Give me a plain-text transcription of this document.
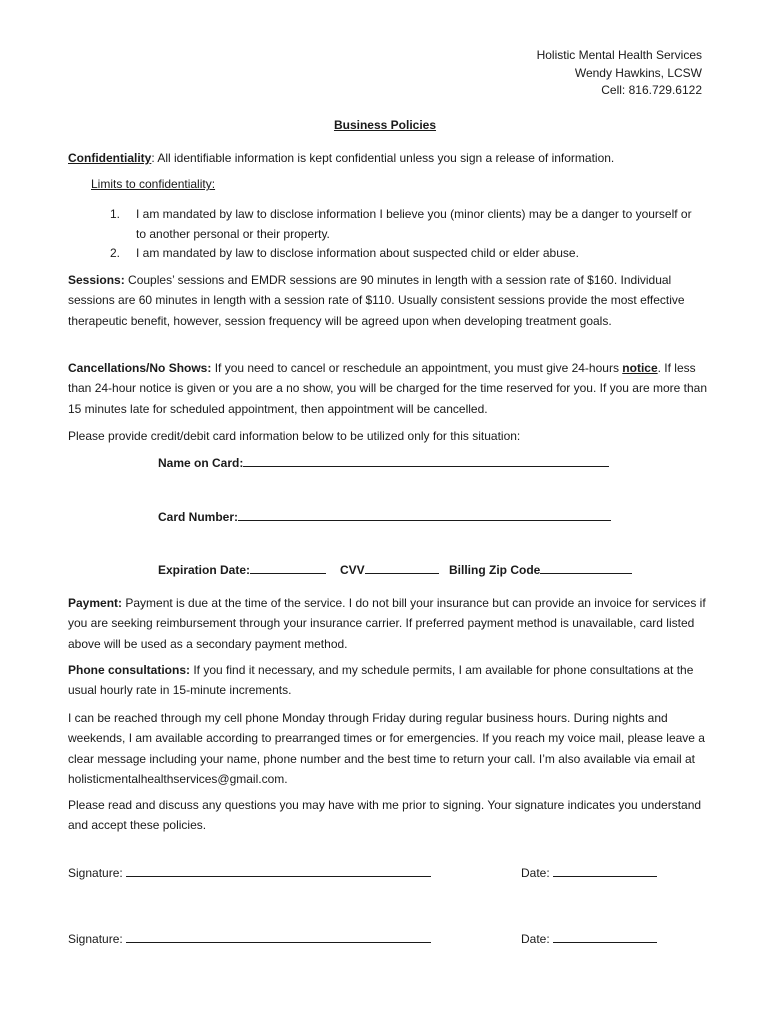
Holistic Mental Health Services
Wendy Hawkins, LCSW
Cell: 816.729.6122
Business Policies
Confidentiality: All identifiable information is kept confidential unless you sign a release of information.
Limits to confidentiality:
1. I am mandated by law to disclose information I believe you (minor clients) may be a danger to yourself or to another personal or their property.
2. I am mandated by law to disclose information about suspected child or elder abuse.
Sessions: Couples’ sessions and EMDR sessions are 90 minutes in length with a session rate of $160. Individual sessions are 60 minutes in length with a session rate of $110. Usually consistent sessions provide the most effective therapeutic benefit, however, session frequency will be agreed upon when developing treatment goals.
Cancellations/No Shows: If you need to cancel or reschedule an appointment, you must give 24-hours notice. If less than 24-hour notice is given or you are a no show, you will be charged for the time reserved for you. If you are more than 15 minutes late for scheduled appointment, then appointment will be cancelled.
Please provide credit/debit card information below to be utilized only for this situation:
Name on Card:
Card Number:
Expiration Date:	CVV	Billing Zip Code
Payment: Payment is due at the time of the service. I do not bill your insurance but can provide an invoice for services if you are seeking reimbursement through your insurance carrier. If preferred payment method is unavailable, card listed above will be used as a secondary payment method.
Phone consultations: If you find it necessary, and my schedule permits, I am available for phone consultations at the usual hourly rate in 15-minute increments.
I can be reached through my cell phone Monday through Friday during regular business hours. During nights and weekends, I am available according to prearranged times or for emergencies. If you reach my voice mail, please leave a clear message including your name, phone number and the best time to return your call. I’m also available via email at holisticmentalhealthservices@gmail.com.
Please read and discuss any questions you may have with me prior to signing. Your signature indicates you understand and accept these policies.
Signature:	Date:
Signature:	Date:
